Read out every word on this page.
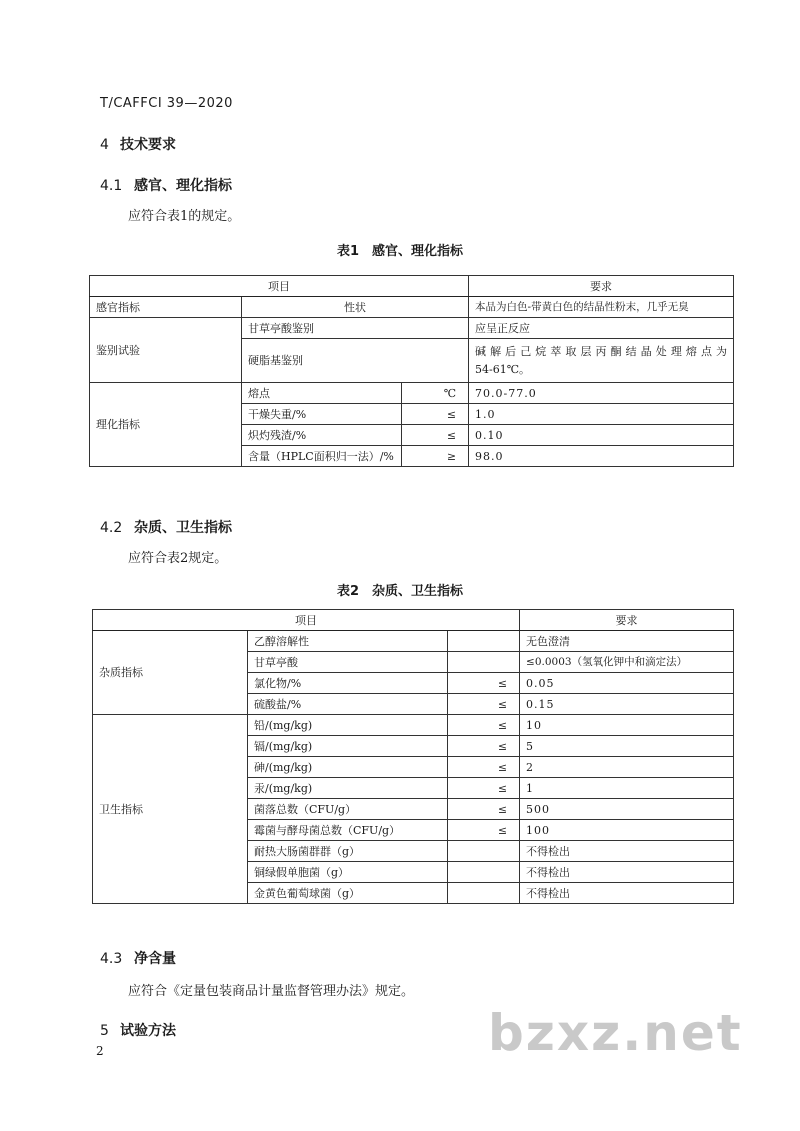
T/CAFFCI 39—2020
4 技术要求
4.1 感官、理化指标
应符合表1的规定。
表1　感官、理化指标
项目			要求
感官指标	性状		本品为白色-带黄白色的结晶性粉末，几乎无臭
鉴别试验	甘草亭酸鉴别		应呈正反应
	硬脂基鉴别		碱解后己烷萃取层丙酮结晶处理熔点为
54-61℃。

理化指标	熔点	℃	70.0-77.0
	干燥失重/%	≤	1.0
	炽灼残渣/%	≤	0.10
	含量（HPLC面积归一法）/%	≥	98.0
4.2 杂质、卫生指标
应符合表2规定。
表2　杂质、卫生指标
项目			要求
杂质指标	乙醇溶解性		无色澄清
	甘草亭酸		≤0.0003（氢氧化钾中和滴定法）
	氯化物/%	≤	0.05
	硫酸盐/%	≤	0.15
卫生指标	铅/(mg/kg)	≤	10
	镉/(mg/kg)	≤	5
	砷/(mg/kg)	≤	2
	汞/(mg/kg)	≤	1
	菌落总数（CFU/g）	≤	500
	霉菌与酵母菌总数（CFU/g）	≤	100
	耐热大肠菌群群（g）		不得检出
	铜绿假单胞菌（g）		不得检出
	金黄色葡萄球菌（g）		不得检出
4.3 净含量
应符合《定量包装商品计量监督管理办法》规定。
5 试验方法	bzxz.net
2
